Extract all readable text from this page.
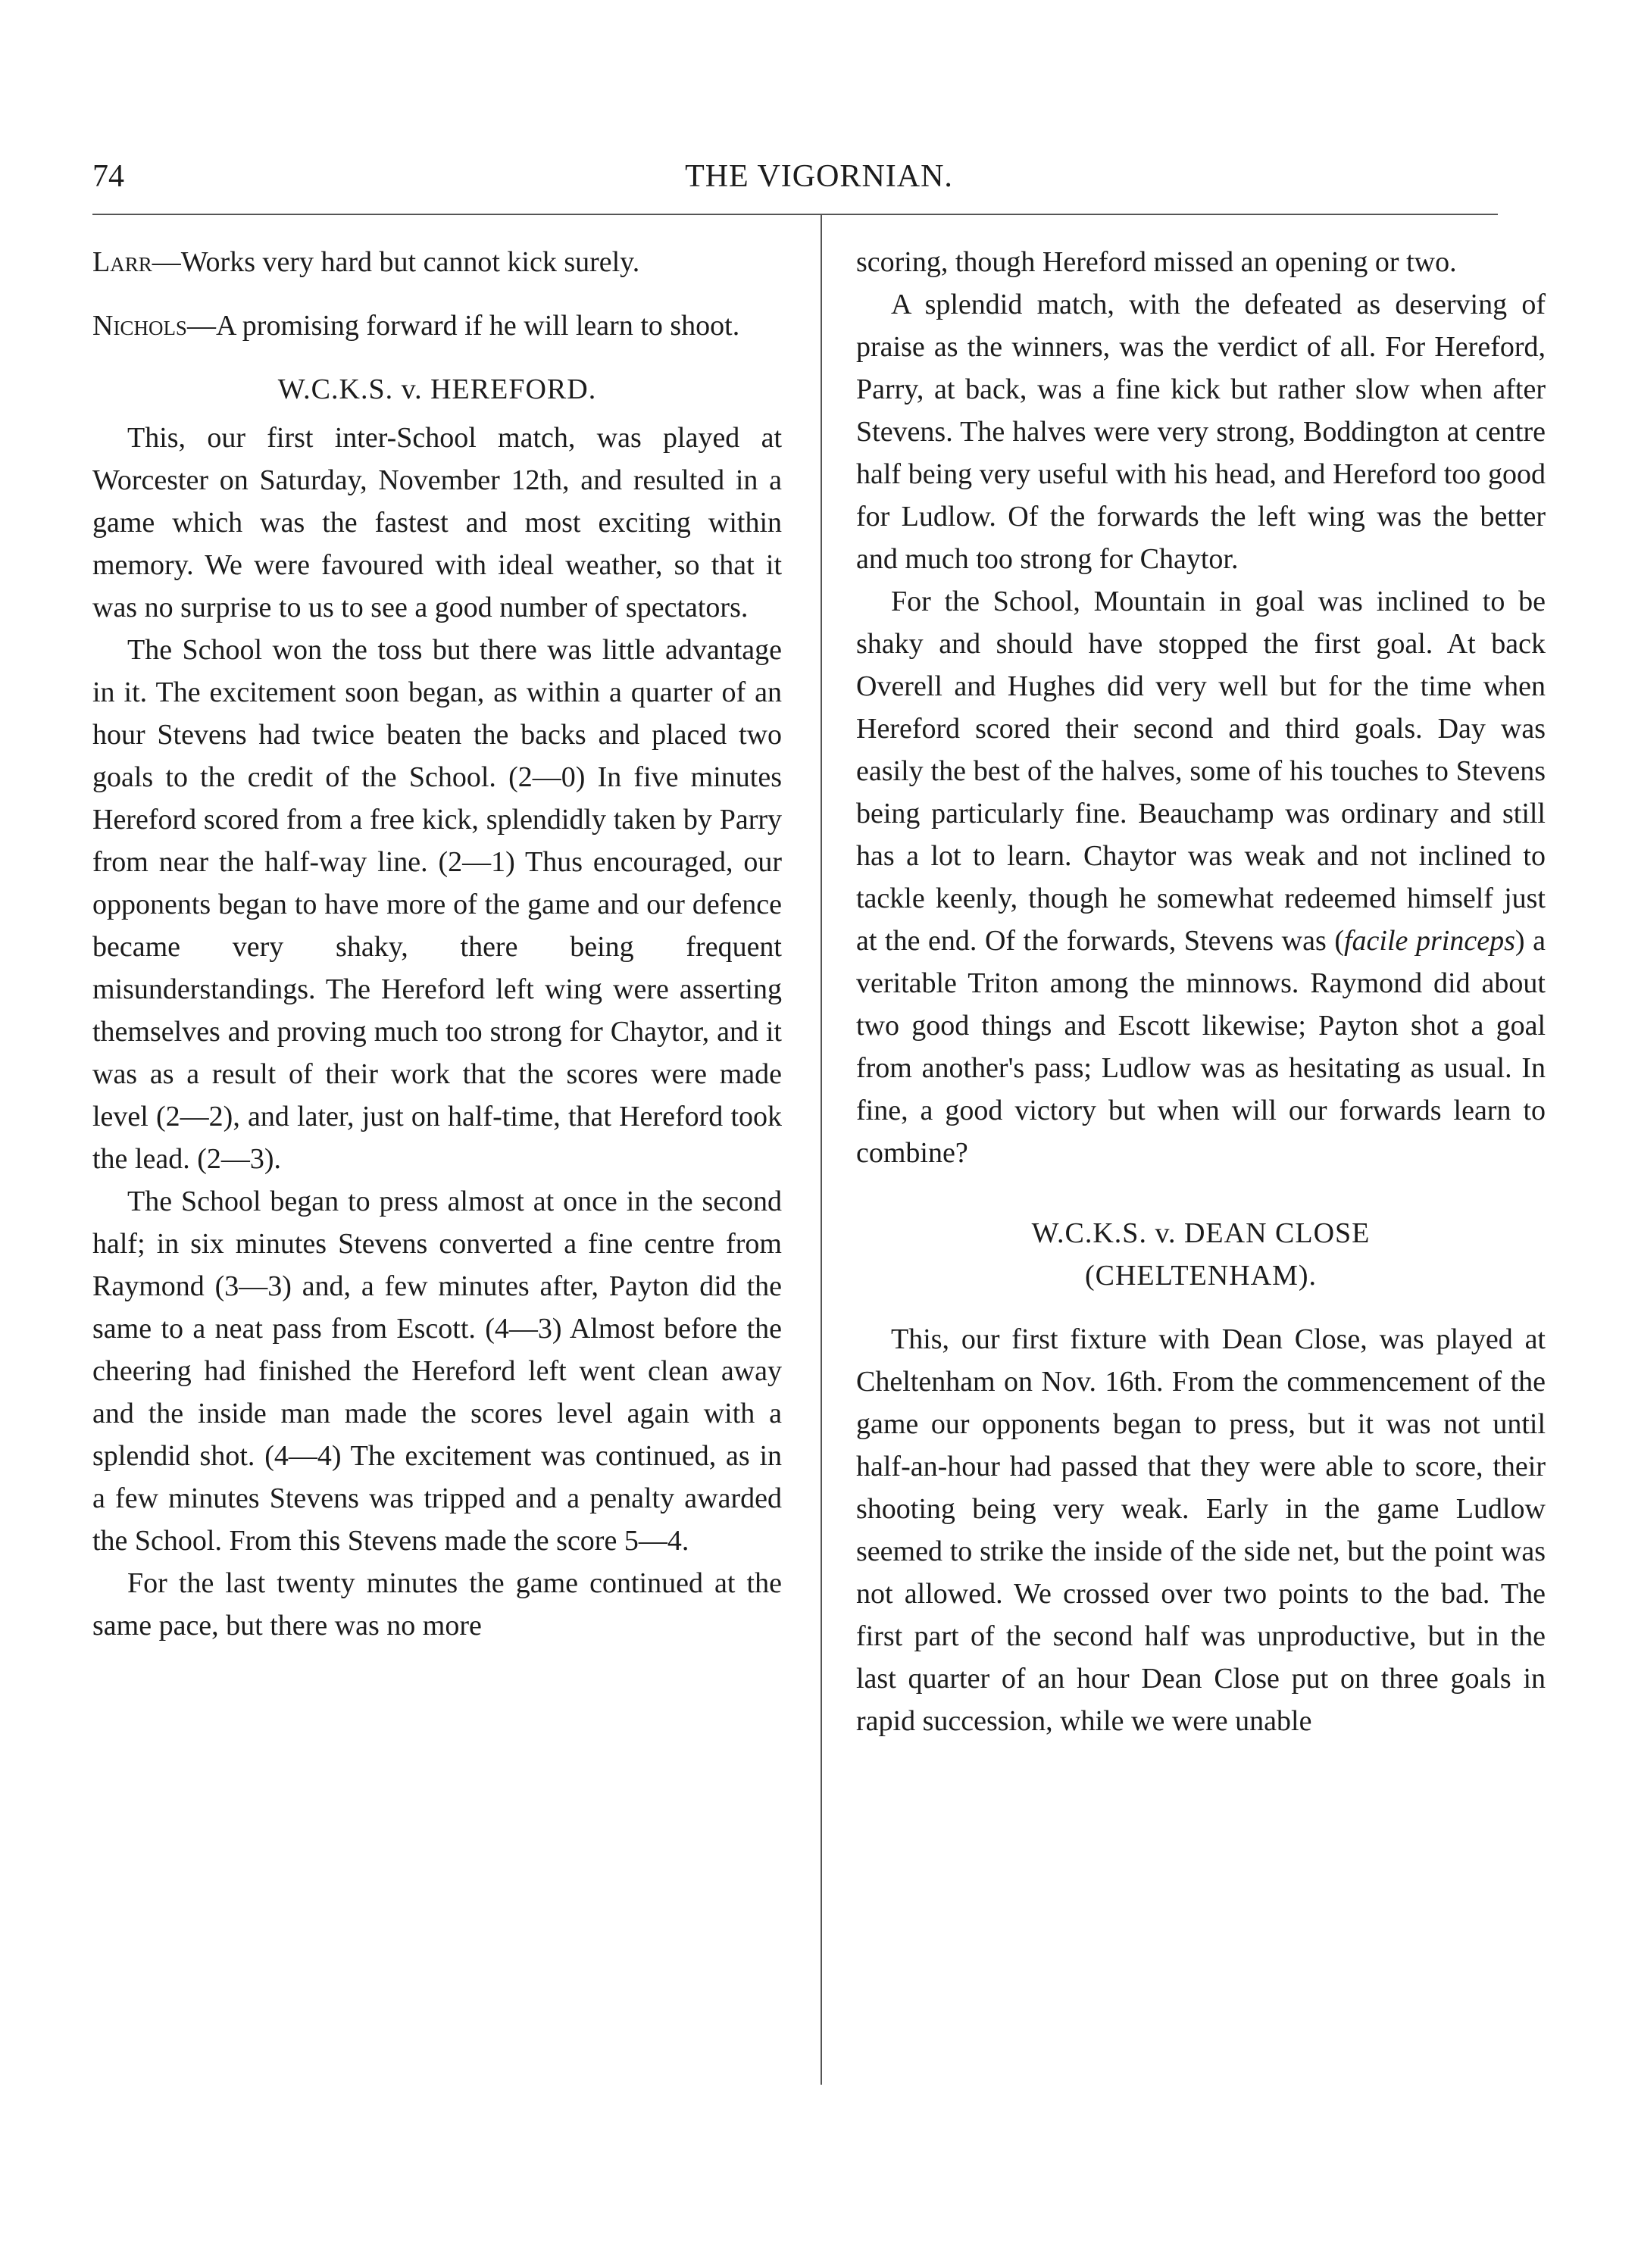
74	THE VIGORNIAN.

Larr—Works very hard but cannot kick surely.

Nichols—A promising forward if he will learn to shoot.

W.C.K.S. v. HEREFORD.

This, our first inter-School match, was played at Worcester on Saturday, November 12th, and resulted in a game which was the fastest and most exciting within memory. We were favoured with ideal weather, so that it was no surprise to us to see a good number of spectators.

The School won the toss but there was little advantage in it. The excitement soon began, as within a quarter of an hour Stevens had twice beaten the backs and placed two goals to the credit of the School. (2—0) In five minutes Hereford scored from a free kick, splendidly taken by Parry from near the half-way line. (2—1) Thus encouraged, our opponents began to have more of the game and our defence became very shaky, there being frequent misunderstandings. The Hereford left wing were asserting themselves and proving much too strong for Chaytor, and it was as a result of their work that the scores were made level (2—2), and later, just on half-time, that Hereford took the lead. (2—3).

The School began to press almost at once in the second half; in six minutes Stevens converted a fine centre from Raymond (3—3) and, a few minutes after, Payton did the same to a neat pass from Escott. (4—3) Almost before the cheering had finished the Hereford left went clean away and the inside man made the scores level again with a splendid shot. (4—4) The excitement was continued, as in a few minutes Stevens was tripped and a penalty awarded the School. From this Stevens made the score 5—4.

For the last twenty minutes the game continued at the same pace, but there was no more

scoring, though Hereford missed an opening or two.

A splendid match, with the defeated as deserving of praise as the winners, was the verdict of all. For Hereford, Parry, at back, was a fine kick but rather slow when after Stevens. The halves were very strong, Boddington at centre half being very useful with his head, and Hereford too good for Ludlow. Of the forwards the left wing was the better and much too strong for Chaytor.

For the School, Mountain in goal was inclined to be shaky and should have stopped the first goal. At back Overell and Hughes did very well but for the time when Hereford scored their second and third goals. Day was easily the best of the halves, some of his touches to Stevens being particularly fine. Beauchamp was ordinary and still has a lot to learn. Chaytor was weak and not inclined to tackle keenly, though he somewhat redeemed himself just at the end. Of the forwards, Stevens was (facile princeps) a veritable Triton among the minnows. Raymond did about two good things and Escott likewise; Payton shot a goal from another's pass; Ludlow was as hesitating as usual. In fine, a good victory but when will our forwards learn to combine?

W.C.K.S. v. DEAN CLOSE
(CHELTENHAM).

This, our first fixture with Dean Close, was played at Cheltenham on Nov. 16th. From the commencement of the game our opponents began to press, but it was not until half-an-hour had passed that they were able to score, their shooting being very weak. Early in the game Ludlow seemed to strike the inside of the side net, but the point was not allowed. We crossed over two points to the bad. The first part of the second half was unproductive, but in the last quarter of an hour Dean Close put on three goals in rapid succession, while we were unable
